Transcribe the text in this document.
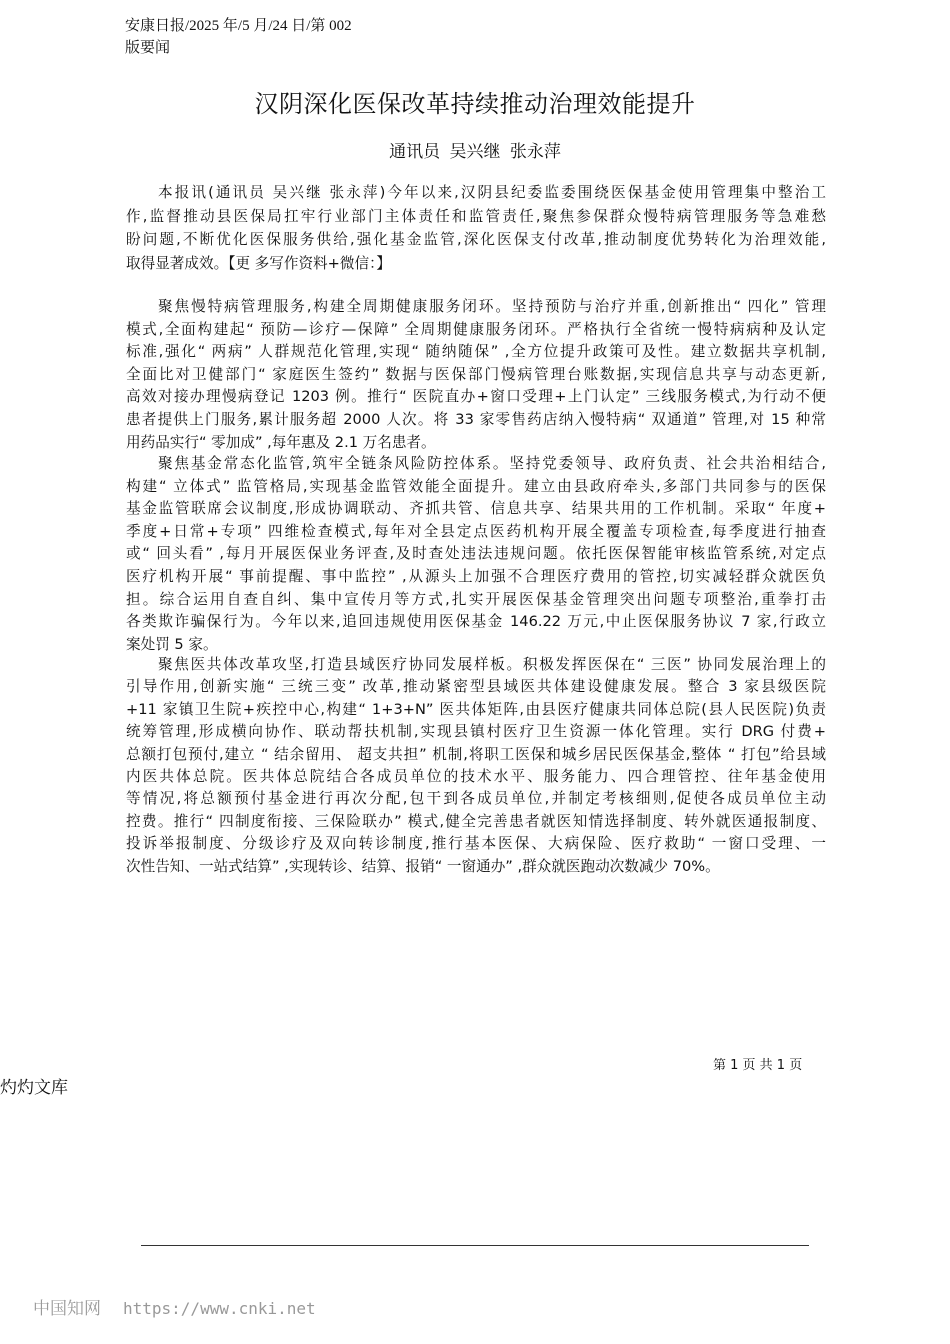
安康日报/2025 年/5 月/24 日/第 002
版要闻
汉阴深化医保改革持续推动治理效能提升
通讯员 吴兴继 张永萍
本报讯(通讯员 吴兴继 张永萍)今年以来,汉阴县纪委监委围绕医保基金使用管理集中整治工
作,监督推动县医保局扛牢行业部门主体责任和监管责任,聚焦参保群众慢特病管理服务等急难愁
盼问题,不断优化医保服务供给,强化基金监管,深化医保支付改革,推动制度优势转化为治理效能,
取得显著成效。【更 多写作资料+微信：】
聚焦慢特病管理服务,构建全周期健康服务闭环。坚持预防与治疗并重,创新推出“ 四化” 管理
模式,全面构建起“ 预防—诊疗—保障” 全周期健康服务闭环。严格执行全省统一慢特病病种及认定
标准,强化“ 两病” 人群规范化管理,实现“ 随纳随保” ,全方位提升政策可及性。建立数据共享机制,
全面比对卫健部门“ 家庭医生签约” 数据与医保部门慢病管理台账数据,实现信息共享与动态更新,
高效对接办理慢病登记 1203 例。推行“ 医院直办+窗口受理+上门认定” 三线服务模式,为行动不便
患者提供上门服务,累计服务超 2000 人次。将 33 家零售药店纳入慢特病“ 双通道” 管理,对 15 种常
用药品实行“ 零加成” ,每年惠及 2.1 万名患者。
聚焦基金常态化监管,筑牢全链条风险防控体系。坚持党委领导、政府负责、社会共治相结合,
构建“ 立体式” 监管格局,实现基金监管效能全面提升。建立由县政府牵头,多部门共同参与的医保
基金监管联席会议制度,形成协调联动、齐抓共管、信息共享、结果共用的工作机制。采取“ 年度+
季度+日常+专项” 四维检查模式,每年对全县定点医药机构开展全覆盖专项检查,每季度进行抽查
或“ 回头看” ,每月开展医保业务评查,及时查处违法违规问题。依托医保智能审核监管系统,对定点
医疗机构开展“ 事前提醒、事中监控” ,从源头上加强不合理医疗费用的管控,切实减轻群众就医负
担。综合运用自查自纠、集中宣传月等方式,扎实开展医保基金管理突出问题专项整治,重拳打击
各类欺诈骗保行为。今年以来,追回违规使用医保基金 146.22 万元,中止医保服务协议 7 家,行政立
案处罚 5 家。
聚焦医共体改革攻坚,打造县域医疗协同发展样板。积极发挥医保在“ 三医” 协同发展治理上的
引导作用,创新实施“ 三统三变” 改革,推动紧密型县域医共体建设健康发展。整合 3 家县级医院
+11 家镇卫生院+疾控中心,构建“ 1+3+N” 医共体矩阵,由县医疗健康共同体总院(县人民医院)负责
统筹管理,形成横向协作、联动帮扶机制,实现县镇村医疗卫生资源一体化管理。实行 DRG 付费+
总额打包预付,建立 “ 结余留用、 超支共担” 机制,将职工医保和城乡居民医保基金,整体 “ 打包”给县域
内医共体总院。医共体总院结合各成员单位的技术水平、服务能力、四合理管控、往年基金使用
等情况,将总额预付基金进行再次分配,包干到各成员单位,并制定考核细则,促使各成员单位主动
控费。推行“ 四制度衔接、三保险联办” 模式,健全完善患者就医知情选择制度、转外就医通报制度、
投诉举报制度、分级诊疗及双向转诊制度,推行基本医保、大病保险、医疗救助“ 一窗口受理、一
次性告知、一站式结算” ,实现转诊、结算、报销“ 一窗通办” ,群众就医跑动次数减少 70%。
第 1 页 共 1 页
灼灼文库
中国知网 https://www.cnki.net
